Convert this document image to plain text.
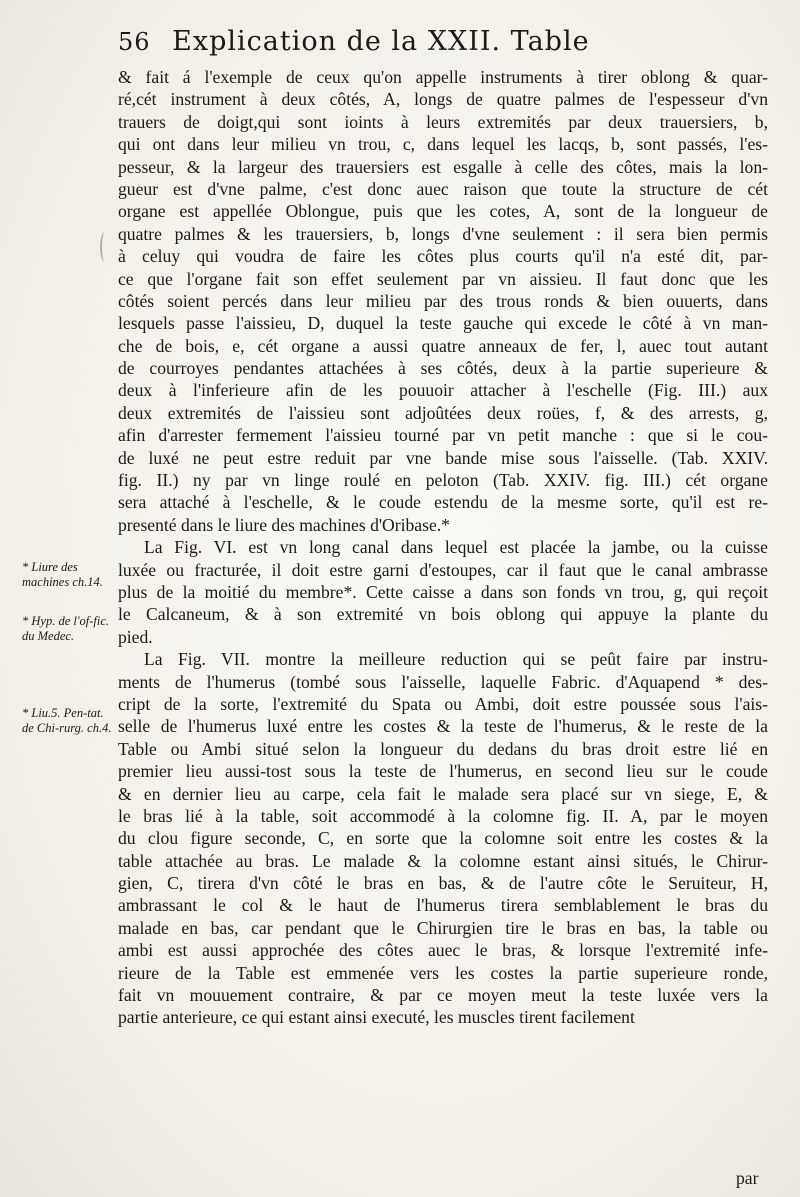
56 Explication de la XXII. Table
& fait á l'exemple de ceux qu'on appelle instruments à tirer oblong & quar-
ré,cét instrument à deux côtés, A, longs de quatre palmes de l'espesseur d'vn
trauers de doigt,qui sont ioints à leurs extremités par deux trauersiers, b,
qui ont dans leur milieu vn trou, c, dans lequel les lacqs, b, sont passés, l'es-
pesseur, & la largeur des trauersiers est esgalle à celle des côtes, mais la lon-
gueur est d'vne palme, c'est donc auec raison que toute la structure de cét
organe est appellée Oblongue, puis que les cotes, A, sont de la longueur de
quatre palmes & les trauersiers, b, longs d'vne seulement : il sera bien permis
à celuy qui voudra de faire les côtes plus courts qu'il n'a esté dit, par-
ce que l'organe fait son effet seulement par vn aissieu. Il faut donc que les
côtés soient percés dans leur milieu par des trous ronds & bien ouuerts, dans
lesquels passe l'aissieu, D, duquel la teste gauche qui excede le côté à vn man-
che de bois, e, cét organe a aussi quatre anneaux de fer, l, auec tout autant
de courroyes pendantes attachées à ses côtés, deux à la partie superieure &
deux à l'inferieure afin de les pouuoir attacher à l'eschelle (Fig. III.) aux
deux extremités de l'aissieu sont adjoûtées deux roües, f, & des arrests, g,
afin d'arrester fermement l'aissieu tourné par vn petit manche : que si le cou-
de luxé ne peut estre reduit par vne bande mise sous l'aisselle. (Tab. XXIV.
fig. II.) ny par vn linge roulé en peloton (Tab. XXIV. fig. III.) cét organe
sera attaché à l'eschelle, & le coude estendu de la mesme sorte, qu'il est re-
presenté dans le liure des machines d'Oribase.*
La Fig. VI. est vn long canal dans lequel est placée la jambe, ou la cuisse
luxée ou fracturée, il doit estre garni d'estoupes, car il faut que le canal ambrasse
plus de la moitié du membre*. Cette caisse a dans son fonds vn trou, g, qui reçoit
le Calcaneum, & à son extremité vn bois oblong qui appuye la plante du
pied.
La Fig. VII. montre la meilleure reduction qui se peût faire par instru-
ments de l'humerus (tombé sous l'aisselle, laquelle Fabric. d'Aquapend * des-
cript de la sorte, l'extremité du Spata ou Ambi, doit estre poussée sous l'ais-
selle de l'humerus luxé entre les costes & la teste de l'humerus, & le reste de la
Table ou Ambi situé selon la longueur du dedans du bras droit estre lié en
premier lieu aussi-tost sous la teste de l'humerus, en second lieu sur le coude
& en dernier lieu au carpe, cela fait le malade sera placé sur vn siege, E, &
le bras lié à la table, soit accommodé à la colomne fig. II. A, par le moyen
du clou figure seconde, C, en sorte que la colomne soit entre les costes & la
table attachée au bras. Le malade & la colomne estant ainsi situés, le Chirur-
gien, C, tirera d'vn côté le bras en bas, & de l'autre côte le Seruiteur, H,
ambrassant le col & le haut de l'humerus tirera semblablement le bras du
malade en bas, car pendant que le Chirurgien tire le bras en bas, la table ou
ambi est aussi approchée des côtes auec le bras, & lorsque l'extremité infe-
rieure de la Table est emmenée vers les costes la partie superieure ronde,
fait vn mouuement contraire, & par ce moyen meut la teste luxée vers la
partie anterieure, ce qui estant ainsi executé, les muscles tirent facilement
* Liure des machines ch.14.
* Hyp. de l'of-fic. du Medec.
* Liu.5. Pen-tat. de Chi-rurg. ch.4.
par
